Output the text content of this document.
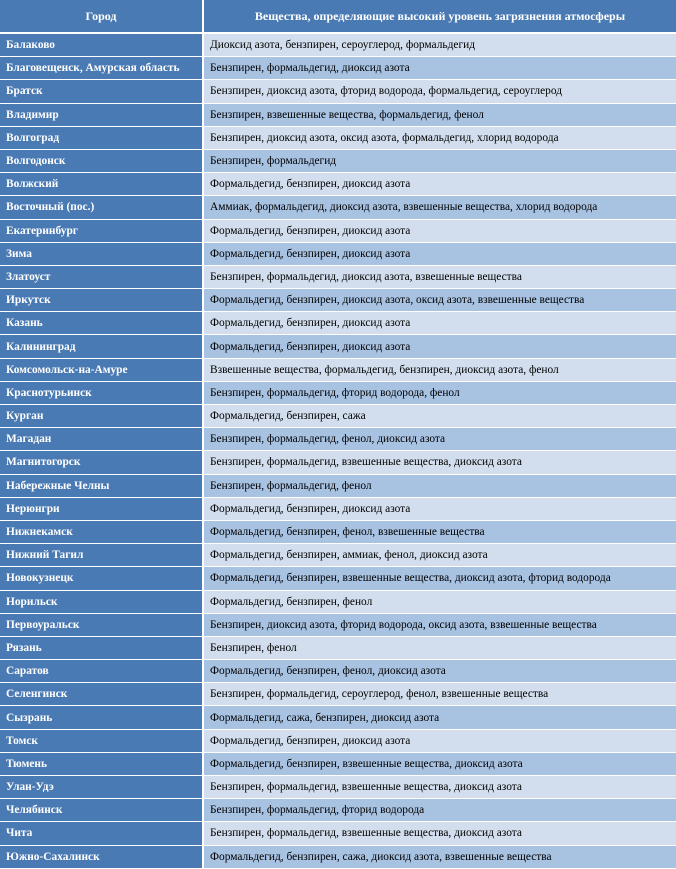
Город	Вещества, определяющие высокий уровень загрязнения атмосферы
Балаково	Диоксид азота, бензпирен, сероуглерод, формальдегид
Благовещенск, Амурская область	Бензпирен, формальдегид, диоксид азота
Братск	Бензпирен, диоксид азота, фторид водорода, формальдегид, сероуглерод
Владимир	Бензпирен, взвешенные вещества, формальдегид, фенол
Волгоград	Бензпирен, диоксид азота, оксид азота, формальдегид, хлорид водорода
Волгодонск	Бензпирен, формальдегид
Волжский	Формальдегид, бензпирен, диоксид азота
Восточный (пос.)	Аммиак, формальдегид, диоксид азота, взвешенные вещества, хлорид водорода
Екатеринбург	Формальдегид, бензпирен, диоксид азота
Зима	Формальдегид, бензпирен, диоксид азота
Златоуст	Бензпирен, формальдегид, диоксид азота, взвешенные вещества
Иркутск	Формальдегид, бензпирен, диоксид азота, оксид азота, взвешенные вещества
Казань	Формальдегид, бензпирен, диоксид азота
Калининград	Формальдегид, бензпирен, диоксид азота
Комсомольск-на-Амуре	Взвешенные вещества, формальдегид, бензпирен, диоксид азота, фенол
Краснотурьинск	Бензпирен, формальдегид, фторид водорода, фенол
Курган	Формальдегид, бензпирен, сажа
Магадан	Бензпирен, формальдегид, фенол, диоксид азота
Магнитогорск	Бензпирен, формальдегид, взвешенные вещества, диоксид азота
Набережные Челны	Бензпирен, формальдегид, фенол
Нерюнгри	Формальдегид, бензпирен, диоксид азота
Нижнекамск	Формальдегид, бензпирен, фенол, взвешенные вещества
Нижний Тагил	Формальдегид, бензпирен, аммиак, фенол, диоксид азота
Новокузнецк	Формальдегид, бензпирен, взвешенные вещества, диоксид азота, фторид водорода
Норильск	Формальдегид, бензпирен, фенол
Первоуральск	Бензпирен, диоксид азота, фторид водорода, оксид азота, взвешенные вещества
Рязань	Бензпирен, фенол
Саратов	Формальдегид, бензпирен, фенол, диоксид азота
Селенгинск	Бензпирен, формальдегид, сероуглерод, фенол, взвешенные вещества
Сызрань	Формальдегид, сажа, бензпирен, диоксид азота
Томск	Формальдегид, бензпирен, диоксид азота
Тюмень	Формальдегид, бензпирен, взвешенные вещества, диоксид азота
Улан-Удэ	Бензпирен, формальдегид, взвешенные вещества, диоксид азота
Челябинск	Бензпирен, формальдегид, фторид водорода
Чита	Бензпирен, формальдегид, взвешенные вещества, диоксид азота
Южно-Сахалинск	Формальдегид, бензпирен, сажа, диоксид азота, взвешенные вещества
